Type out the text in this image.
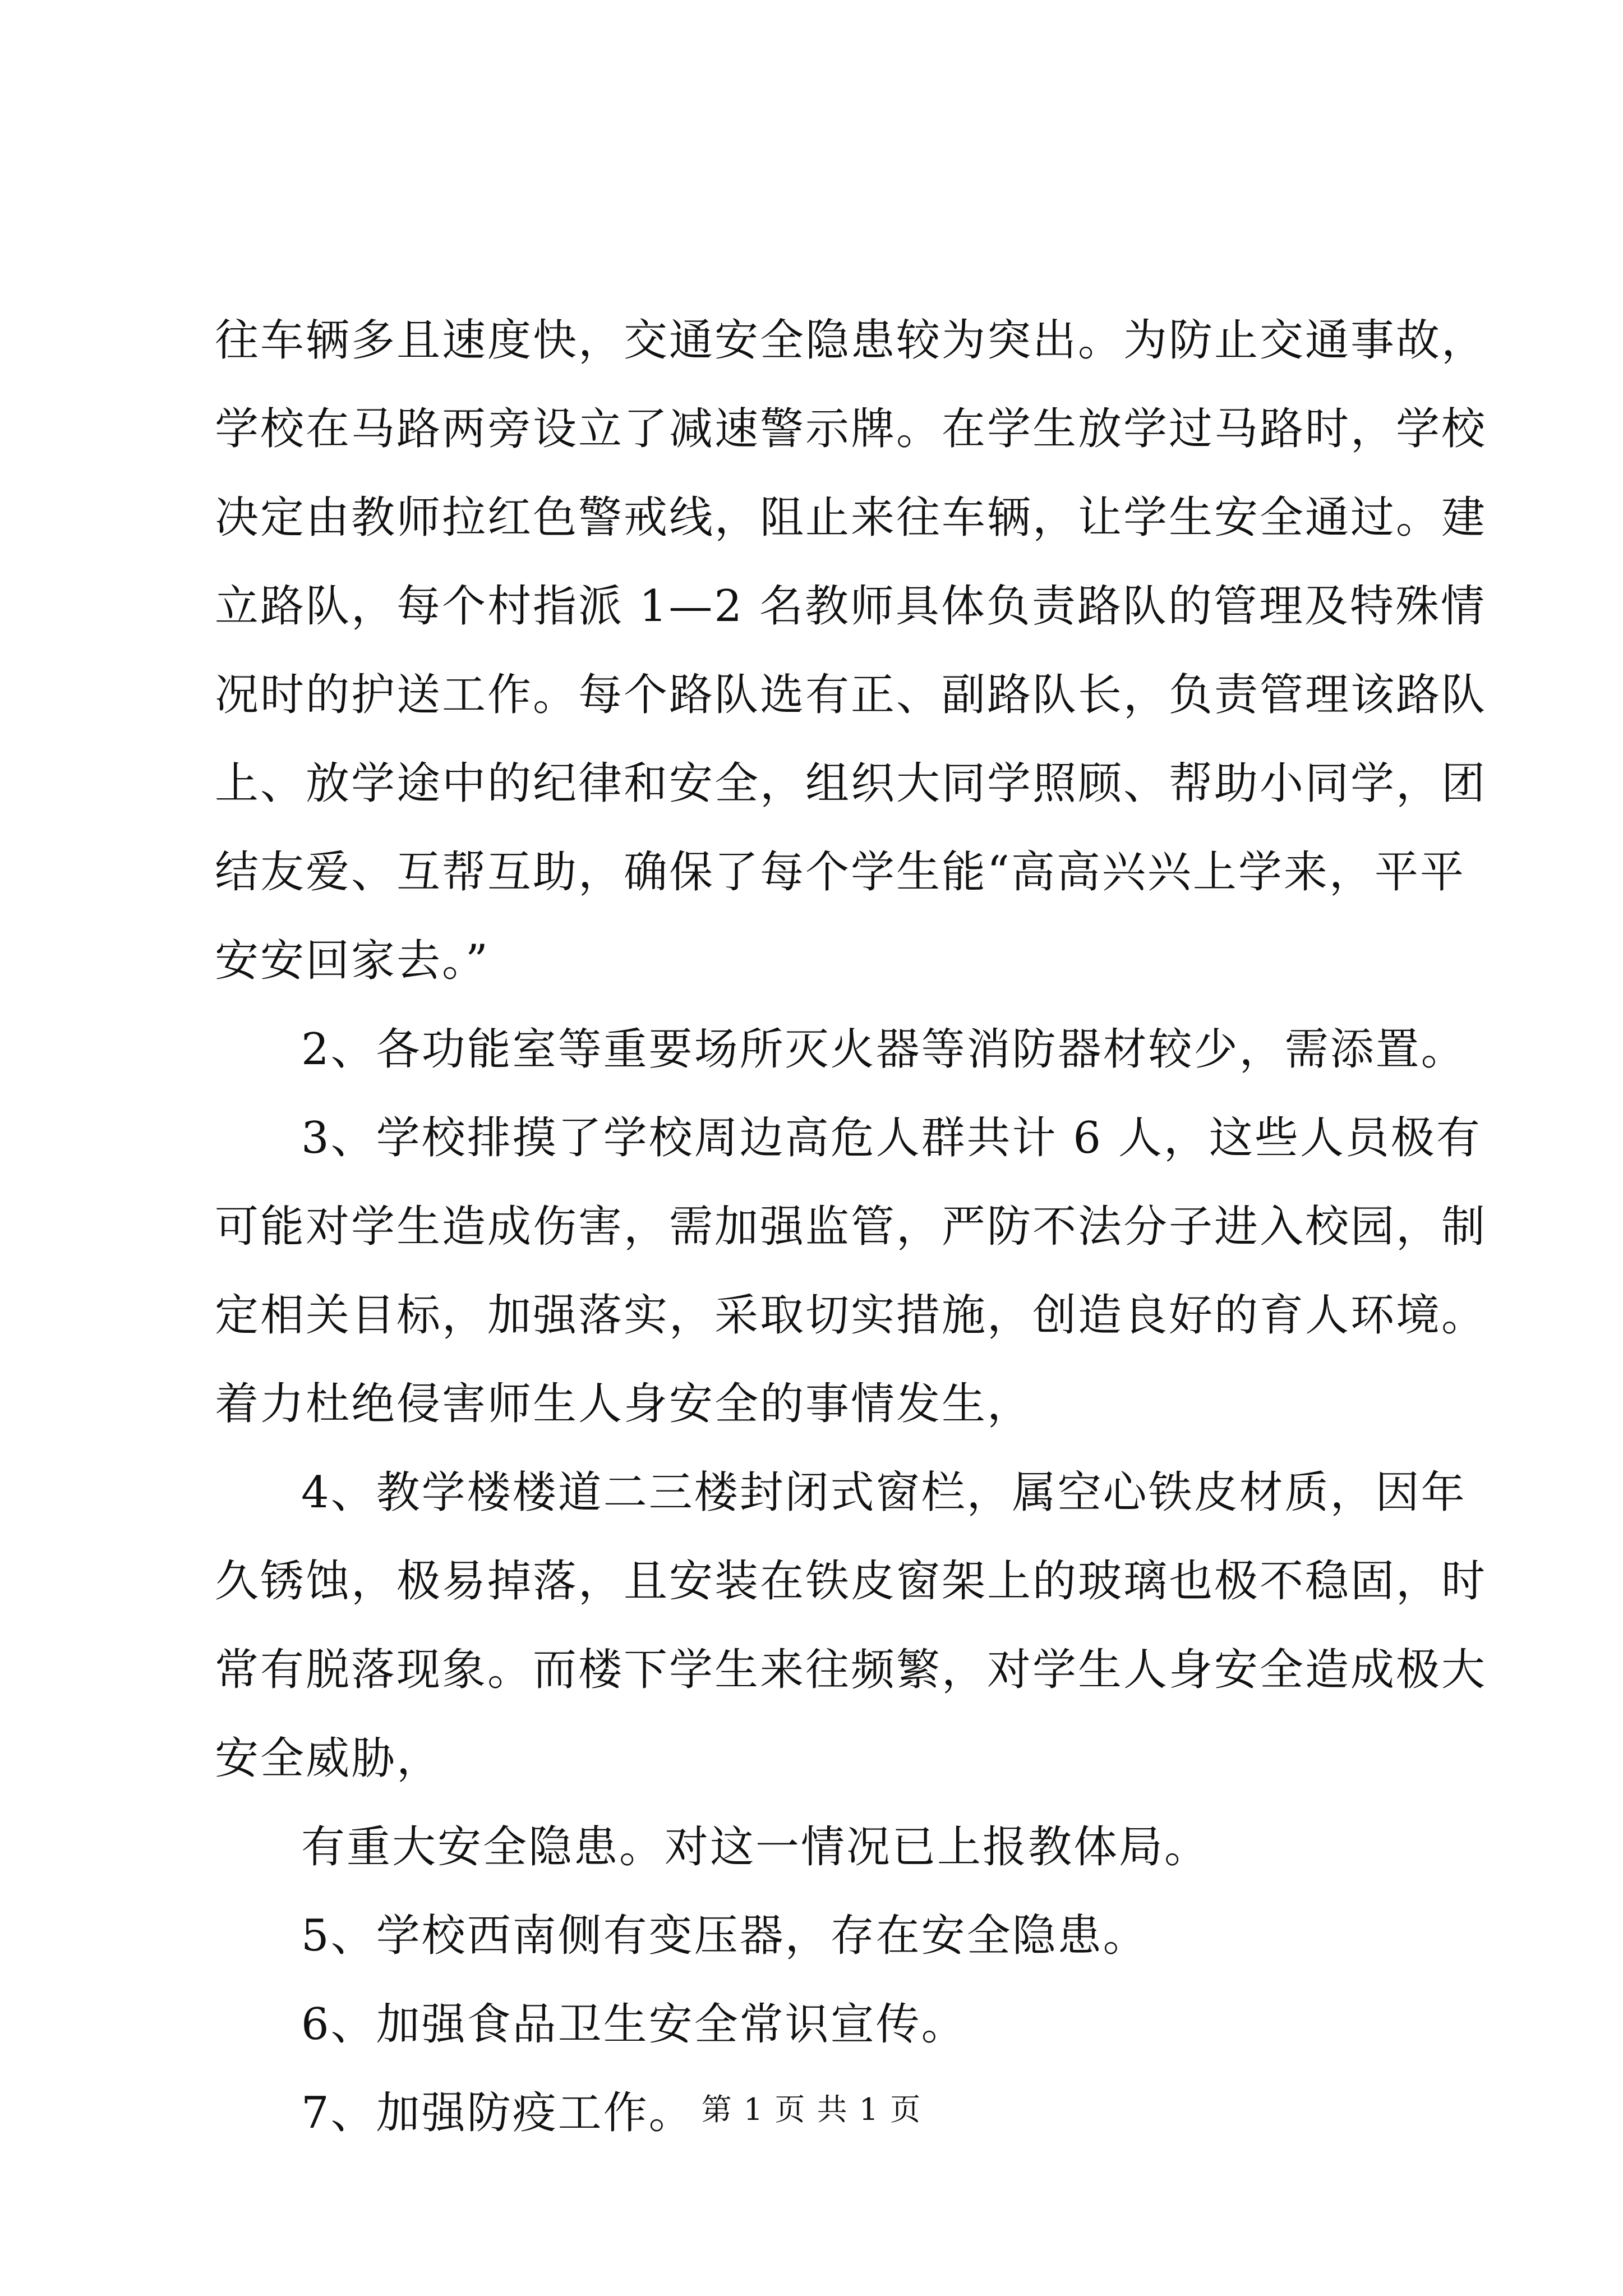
往车辆多且速度快，交通安全隐患较为突出。为防止交通事故，
学校在马路两旁设立了减速警示牌。在学生放学过马路时，学校
决定由教师拉红色警戒线，阻止来往车辆，让学生安全通过。建
立路队，每个村指派 1—2 名教师具体负责路队的管理及特殊情
况时的护送工作。每个路队选有正、副路队长，负责管理该路队
上、放学途中的纪律和安全，组织大同学照顾、帮助小同学，团
结友爱、互帮互助，确保了每个学生能“高高兴兴上学来，平平
安安回家去。”
2、各功能室等重要场所灭火器等消防器材较少，需添置。
3、学校排摸了学校周边高危人群共计 6 人，这些人员极有
可能对学生造成伤害，需加强监管，严防不法分子进入校园，制
定相关目标，加强落实，采取切实措施，创造良好的育人环境。
着力杜绝侵害师生人身安全的事情发生，
4、教学楼楼道二三楼封闭式窗栏，属空心铁皮材质，因年
久锈蚀，极易掉落，且安装在铁皮窗架上的玻璃也极不稳固，时
常有脱落现象。而楼下学生来往频繁，对学生人身安全造成极大
安全威胁，
有重大安全隐患。对这一情况已上报教体局。
5、学校西南侧有变压器，存在安全隐患。
6、加强食品卫生安全常识宣传。
7、加强防疫工作。 第 1 页 共 1 页
